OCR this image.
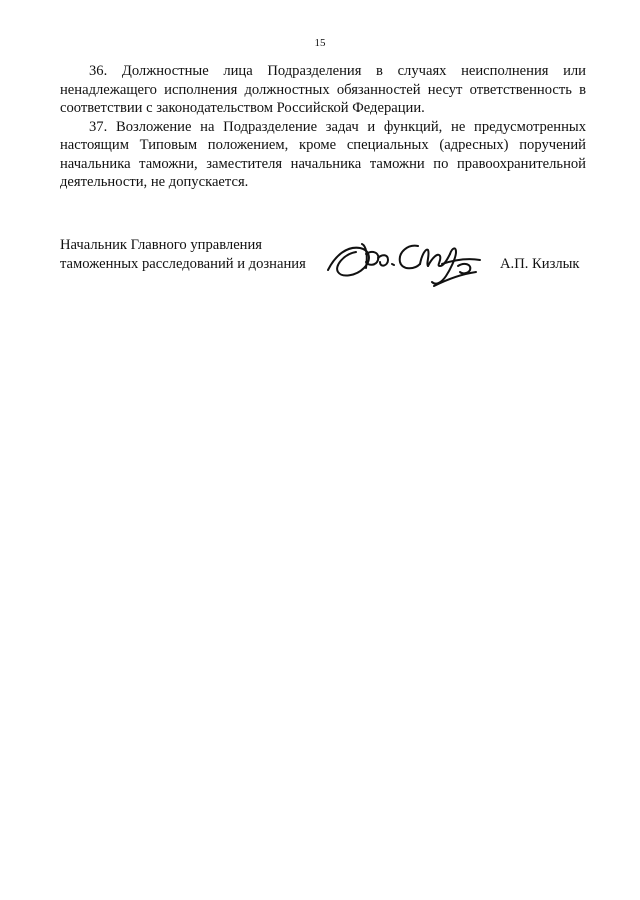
15

36. Должностные лица Подразделения в случаях неисполнения или ненадлежащего исполнения должностных обязанностей несут ответственность в соответствии с законодательством Российской Федерации.

37. Возложение на Подразделение задач и функций, не предусмотренных настоящим Типовым положением, кроме специальных (адресных) поручений начальника таможни, заместителя начальника таможни по правоохранительной деятельности, не допускается.

Начальник Главного управления
таможенных расследований и дознания	А.П. Кизлык
